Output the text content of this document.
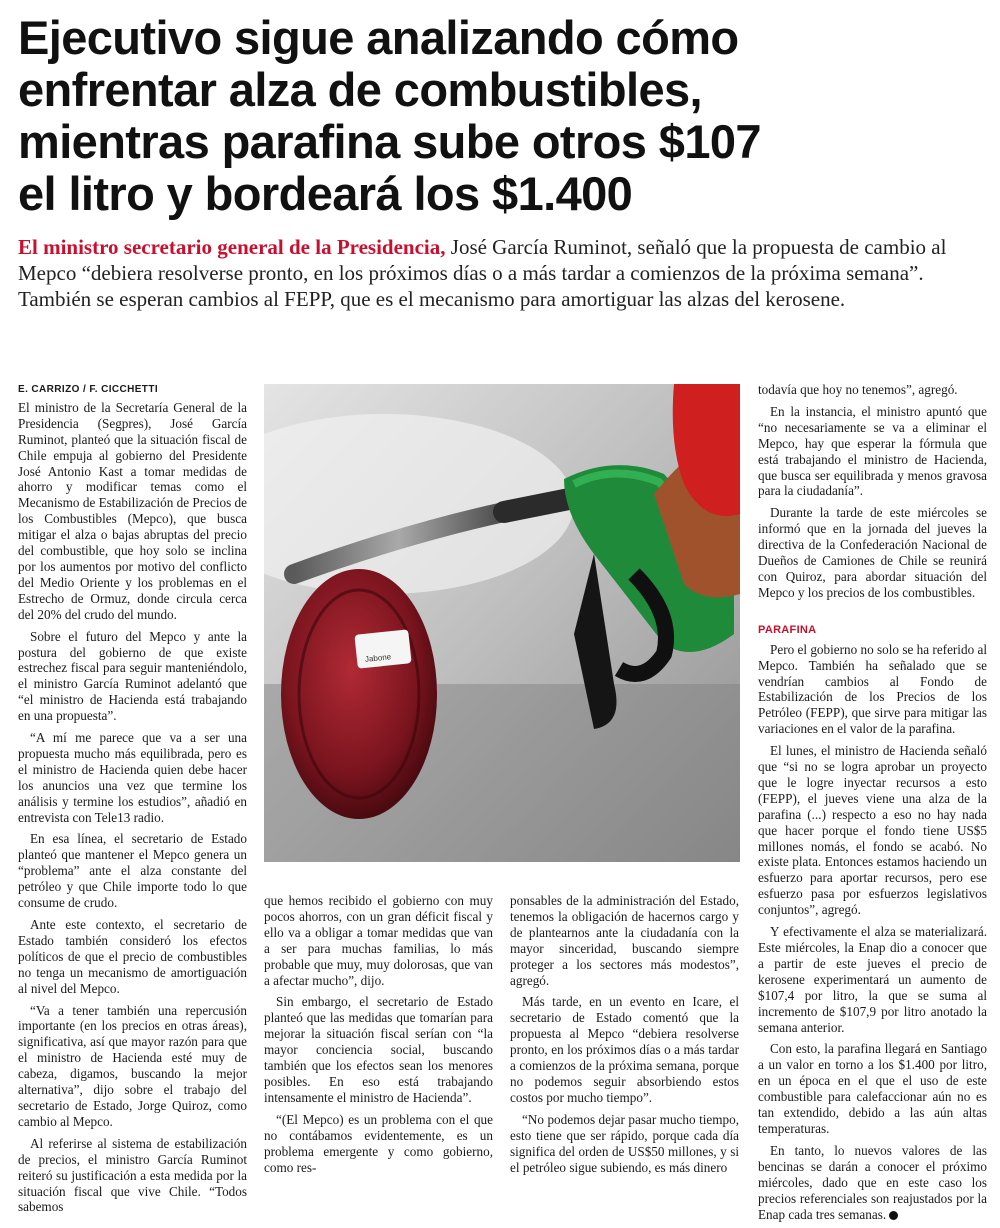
Ejecutivo sigue analizando cómo
enfrentar alza de combustibles,
mientras parafina sube otros $107
el litro y bordeará los $1.400
El ministro secretario general de la Presidencia, José García Ruminot, señaló que la propuesta de cambio al Mepco “debiera resolverse pronto, en los próximos días o a más tardar a comienzos de la próxima semana”. También se esperan cambios al FEPP, que es el mecanismo para amortiguar las alzas del kerosene.
E. CARRIZO / F. CICCHETTI

El ministro de la Secretaría General de la Presidencia (Segpres), José García Ruminot, planteó que la situación fiscal de Chile empuja al gobierno del Presidente José Antonio Kast a tomar medidas de ahorro y modificar temas como el Mecanismo de Estabilización de Precios de los Combustibles (Mepco), que busca mitigar el alza o bajas abruptas del precio del combustible, que hoy solo se inclina por los aumentos por motivo del conflicto del Medio Oriente y los problemas en el Estrecho de Ormuz, donde circula cerca del 20% del crudo del mundo.

Sobre el futuro del Mepco y ante la postura del gobierno de que existe estrechez fiscal para seguir manteniéndolo, el ministro García Ruminot adelantó que “el ministro de Hacienda está trabajando en una propuesta”.

“A mí me parece que va a ser una propuesta mucho más equilibrada, pero es el ministro de Hacienda quien debe hacer los anuncios una vez que termine los análisis y termine los estudios”, añadió en entrevista con Tele13 radio.

En esa línea, el secretario de Estado planteó que mantener el Mepco genera un “problema” ante el alza constante del petróleo y que Chile importe todo lo que consume de crudo.

Ante este contexto, el secretario de Estado también consideró los efectos políticos de que el precio de combustibles no tenga un mecanismo de amortiguación al nivel del Mepco.

“Va a tener también una repercusión importante (en los precios en otras áreas), significativa, así que mayor razón para que el ministro de Hacienda esté muy de cabeza, digamos, buscando la mejor alternativa”, dijo sobre el trabajo del secretario de Estado, Jorge Quiroz, como cambio al Mepco.

Al referirse al sistema de estabilización de precios, el ministro García Ruminot reiteró su justificación a esta medida por la situación fiscal que vive Chile. “Todos sabemos

Jabone

que hemos recibido el gobierno con muy pocos ahorros, con un gran déficit fiscal y ello va a obligar a tomar medidas que van a ser para muchas familias, lo más probable que muy, muy dolorosas, que van a afectar mucho”, dijo.

Sin embargo, el secretario de Estado planteó que las medidas que tomarían para mejorar la situación fiscal serían con “la mayor conciencia social, buscando también que los efectos sean los menores posibles. En eso está trabajando intensamente el ministro de Hacienda”.

“(El Mepco) es un problema con el que no contábamos evidentemente, es un problema emergente y como gobierno, como res-

ponsables de la administración del Estado, tenemos la obligación de hacernos cargo y de plantearnos ante la ciudadanía con la mayor sinceridad, buscando siempre proteger a los sectores más modestos”, agregó.

Más tarde, en un evento en Icare, el secretario de Estado comentó que la propuesta al Mepco “debiera resolverse pronto, en los próximos días o a más tardar a comienzos de la próxima semana, porque no podemos seguir absorbiendo estos costos por mucho tiempo”.

“No podemos dejar pasar mucho tiempo, esto tiene que ser rápido, porque cada día significa del orden de US$50 millones, y si el petróleo sigue subiendo, es más dinero

todavía que hoy no tenemos”, agregó.

En la instancia, el ministro apuntó que “no necesariamente se va a eliminar el Mepco, hay que esperar la fórmula que está trabajando el ministro de Hacienda, que busca ser equilibrada y menos gravosa para la ciudadanía”.

Durante la tarde de este miércoles se informó que en la jornada del jueves la directiva de la Confederación Nacional de Dueños de Camiones de Chile se reunirá con Quiroz, para abordar situación del Mepco y los precios de los combustibles.

PARAFINA

Pero el gobierno no solo se ha referido al Mepco. También ha señalado que se vendrían cambios al Fondo de Estabilización de los Precios de los Petróleo (FEPP), que sirve para mitigar las variaciones en el valor de la parafina.

El lunes, el ministro de Hacienda señaló que “si no se logra aprobar un proyecto que le logre inyectar recursos a esto (FEPP), el jueves viene una alza de la parafina (...) respecto a eso no hay nada que hacer porque el fondo tiene US$5 millones nomás, el fondo se acabó. No existe plata. Entonces estamos haciendo un esfuerzo para aportar recursos, pero ese esfuerzo pasa por esfuerzos legislativos conjuntos”, agregó.

Y efectivamente el alza se materializará. Este miércoles, la Enap dio a conocer que a partir de este jueves el precio de kerosene experimentará un aumento de $107,4 por litro, la que se suma al incremento de $107,9 por litro anotado la semana anterior.

Con esto, la parafina llegará en Santiago a un valor en torno a los $1.400 por litro, en un época en el que el uso de este combustible para calefaccionar aún no es tan extendido, debido a las aún altas temperaturas.

En tanto, lo nuevos valores de las bencinas se darán a conocer el próximo miércoles, dado que en este caso los precios referenciales son reajustados por la Enap cada tres semanas.
